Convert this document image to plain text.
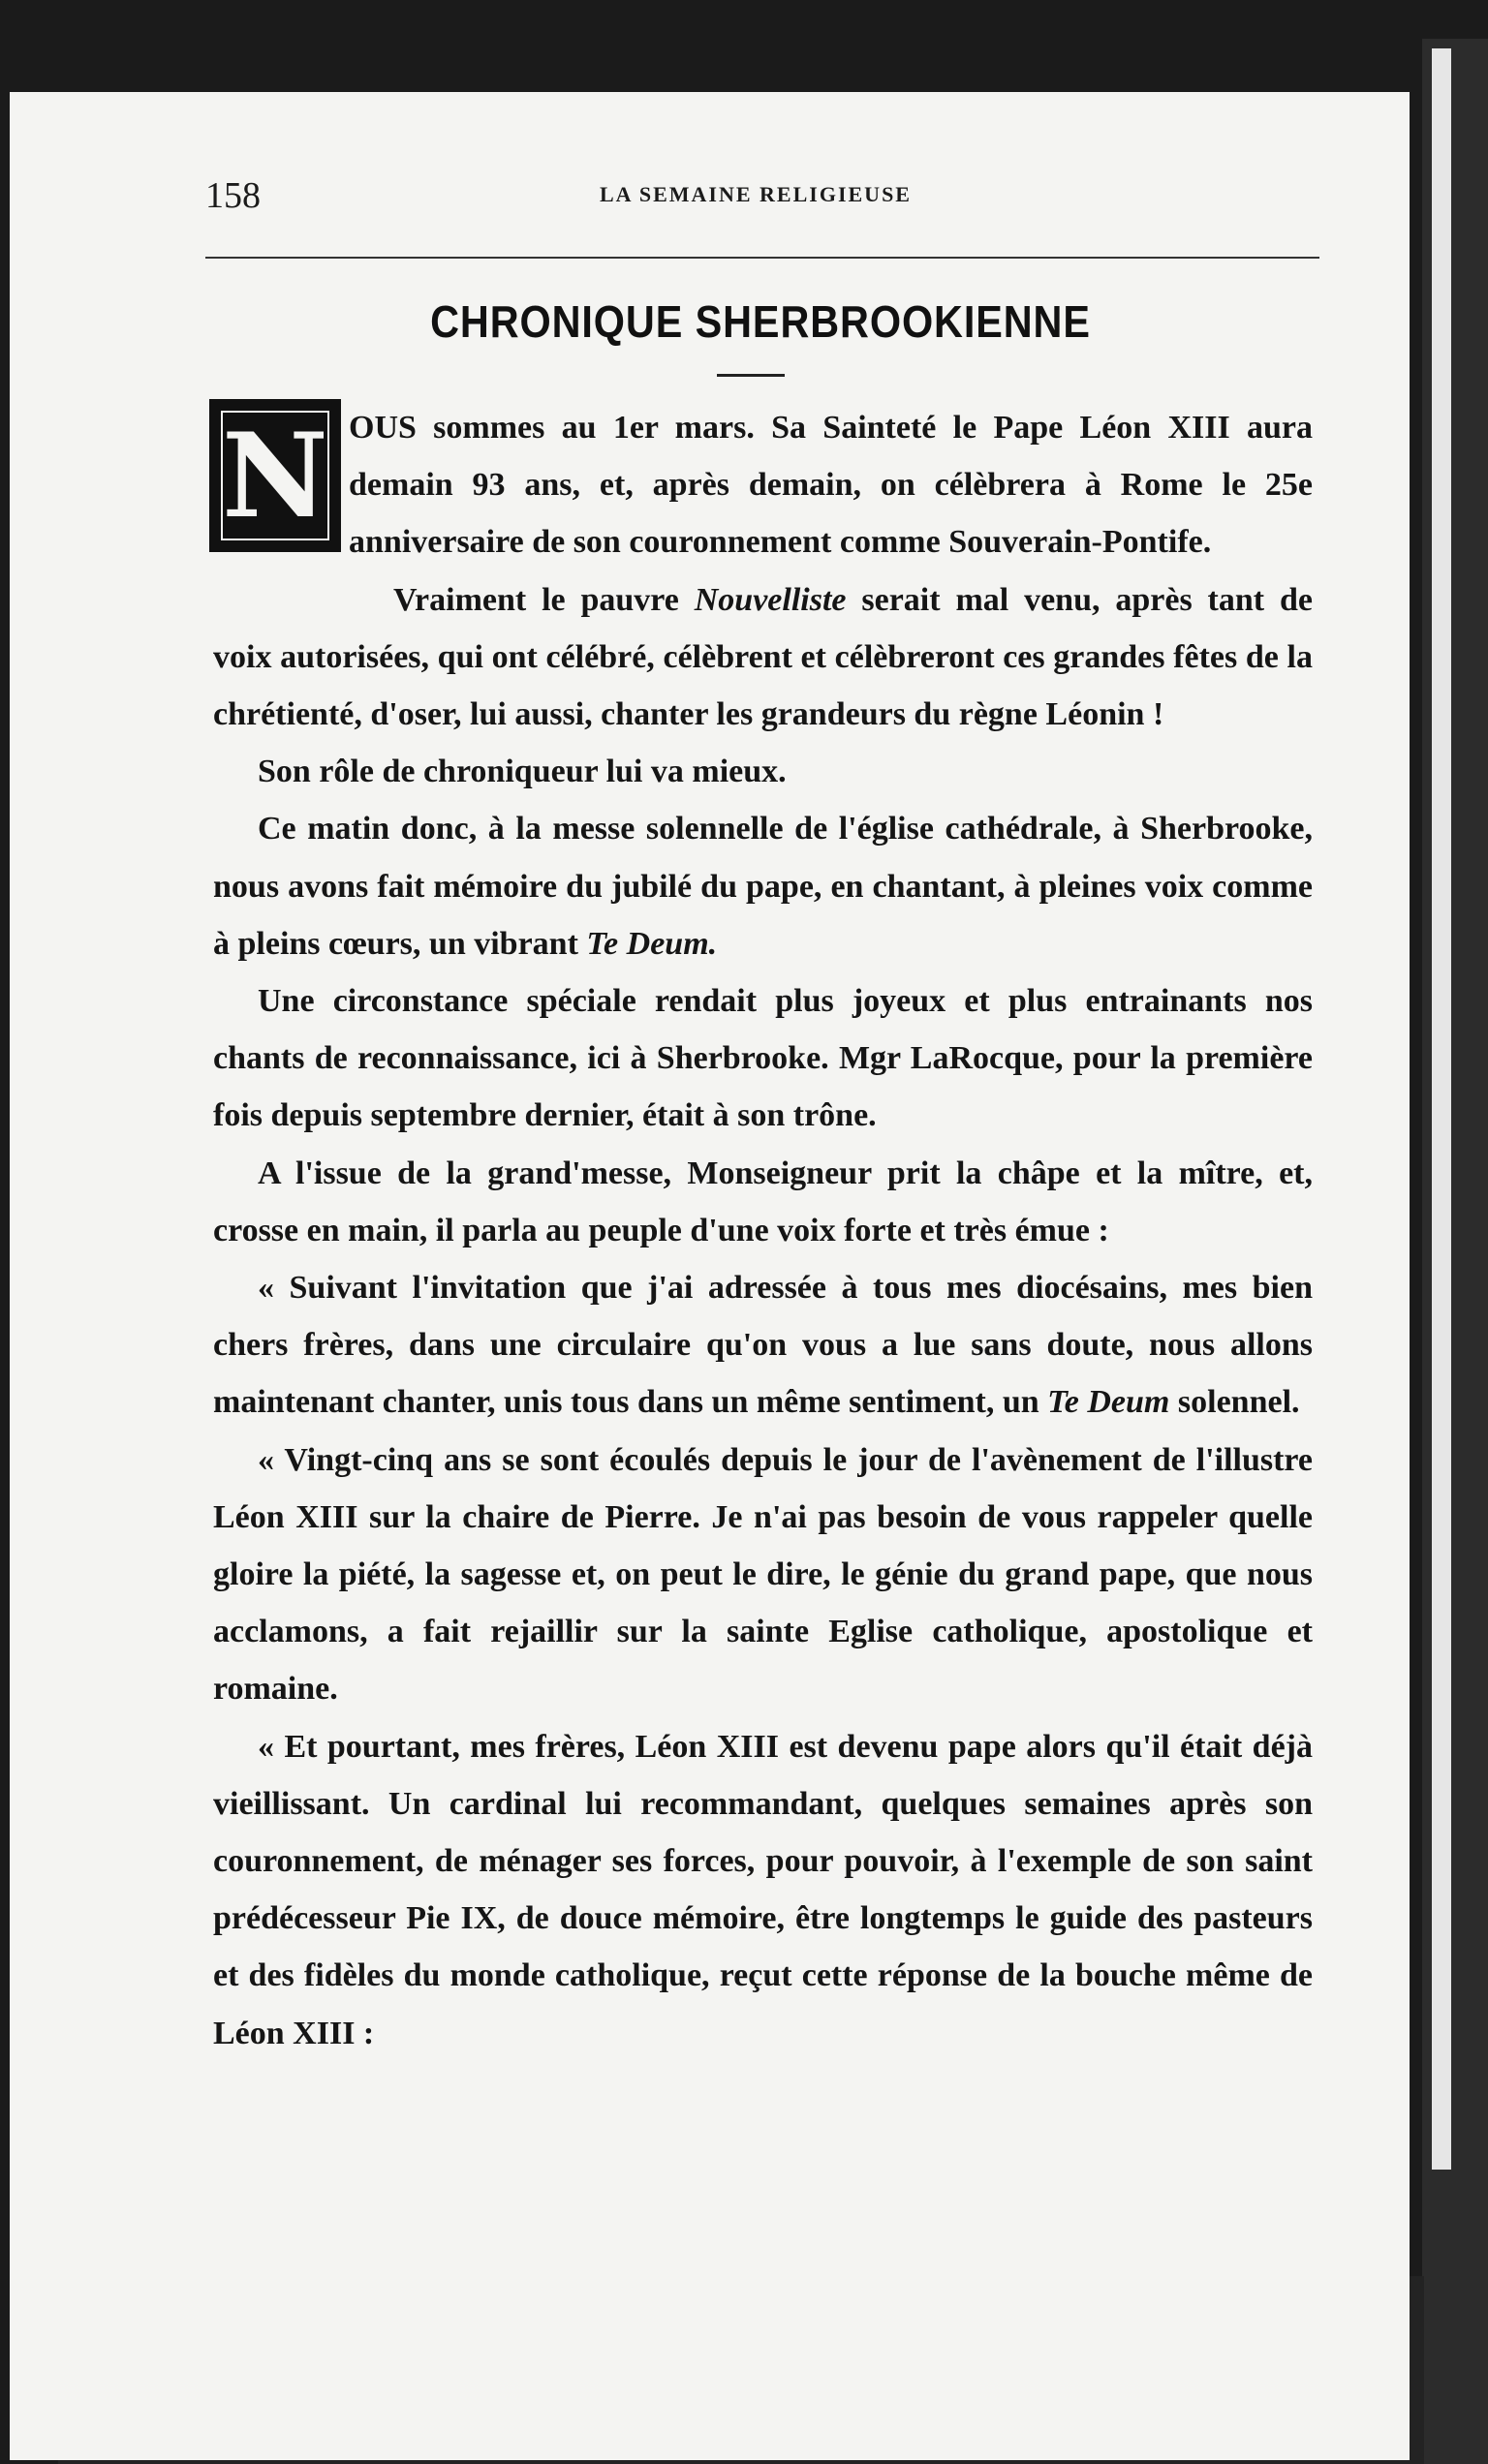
158	LA SEMAINE RELIGIEUSE
CHRONIQUE SHERBROOKIENNE
N OUS sommes au 1er mars. Sa Sainteté le Pape Léon XIII aura demain 93 ans, et, après demain, on célèbrera à Rome le 25e anniversaire de son couronnement comme Souverain-Pontife.

Vraiment le pauvre Nouvelliste serait mal venu, après tant de voix autorisées, qui ont célébré, célèbrent et célèbreront ces grandes fêtes de la chrétienté, d'oser, lui aussi, chanter les grandeurs du règne Léonin !

Son rôle de chroniqueur lui va mieux.

Ce matin donc, à la messe solennelle de l'église cathédrale, à Sherbrooke, nous avons fait mémoire du jubilé du pape, en chantant, à pleines voix comme à pleins cœurs, un vibrant Te Deum.

Une circonstance spéciale rendait plus joyeux et plus entrainants nos chants de reconnaissance, ici à Sherbrooke. Mgr LaRocque, pour la première fois depuis septembre dernier, était à son trône.

A l'issue de la grand'messe, Monseigneur prit la châpe et la mître, et, crosse en main, il parla au peuple d'une voix forte et très émue :

« Suivant l'invitation que j'ai adressée à tous mes diocésains, mes bien chers frères, dans une circulaire qu'on vous a lue sans doute, nous allons maintenant chanter, unis tous dans un même sentiment, un Te Deum solennel.

« Vingt-cinq ans se sont écoulés depuis le jour de l'avènement de l'illustre Léon XIII sur la chaire de Pierre. Je n'ai pas besoin de vous rappeler quelle gloire la piété, la sagesse et, on peut le dire, le génie du grand pape, que nous acclamons, a fait rejaillir sur la sainte Eglise catholique, apostolique et romaine.

« Et pourtant, mes frères, Léon XIII est devenu pape alors qu'il était déjà vieillissant. Un cardinal lui recommandant, quelques semaines après son couronnement, de ménager ses forces, pour pouvoir, à l'exemple de son saint prédécesseur Pie IX, de douce mémoire, être longtemps le guide des pasteurs et des fidèles du monde catholique, reçut cette réponse de la bouche même de Léon XIII :
